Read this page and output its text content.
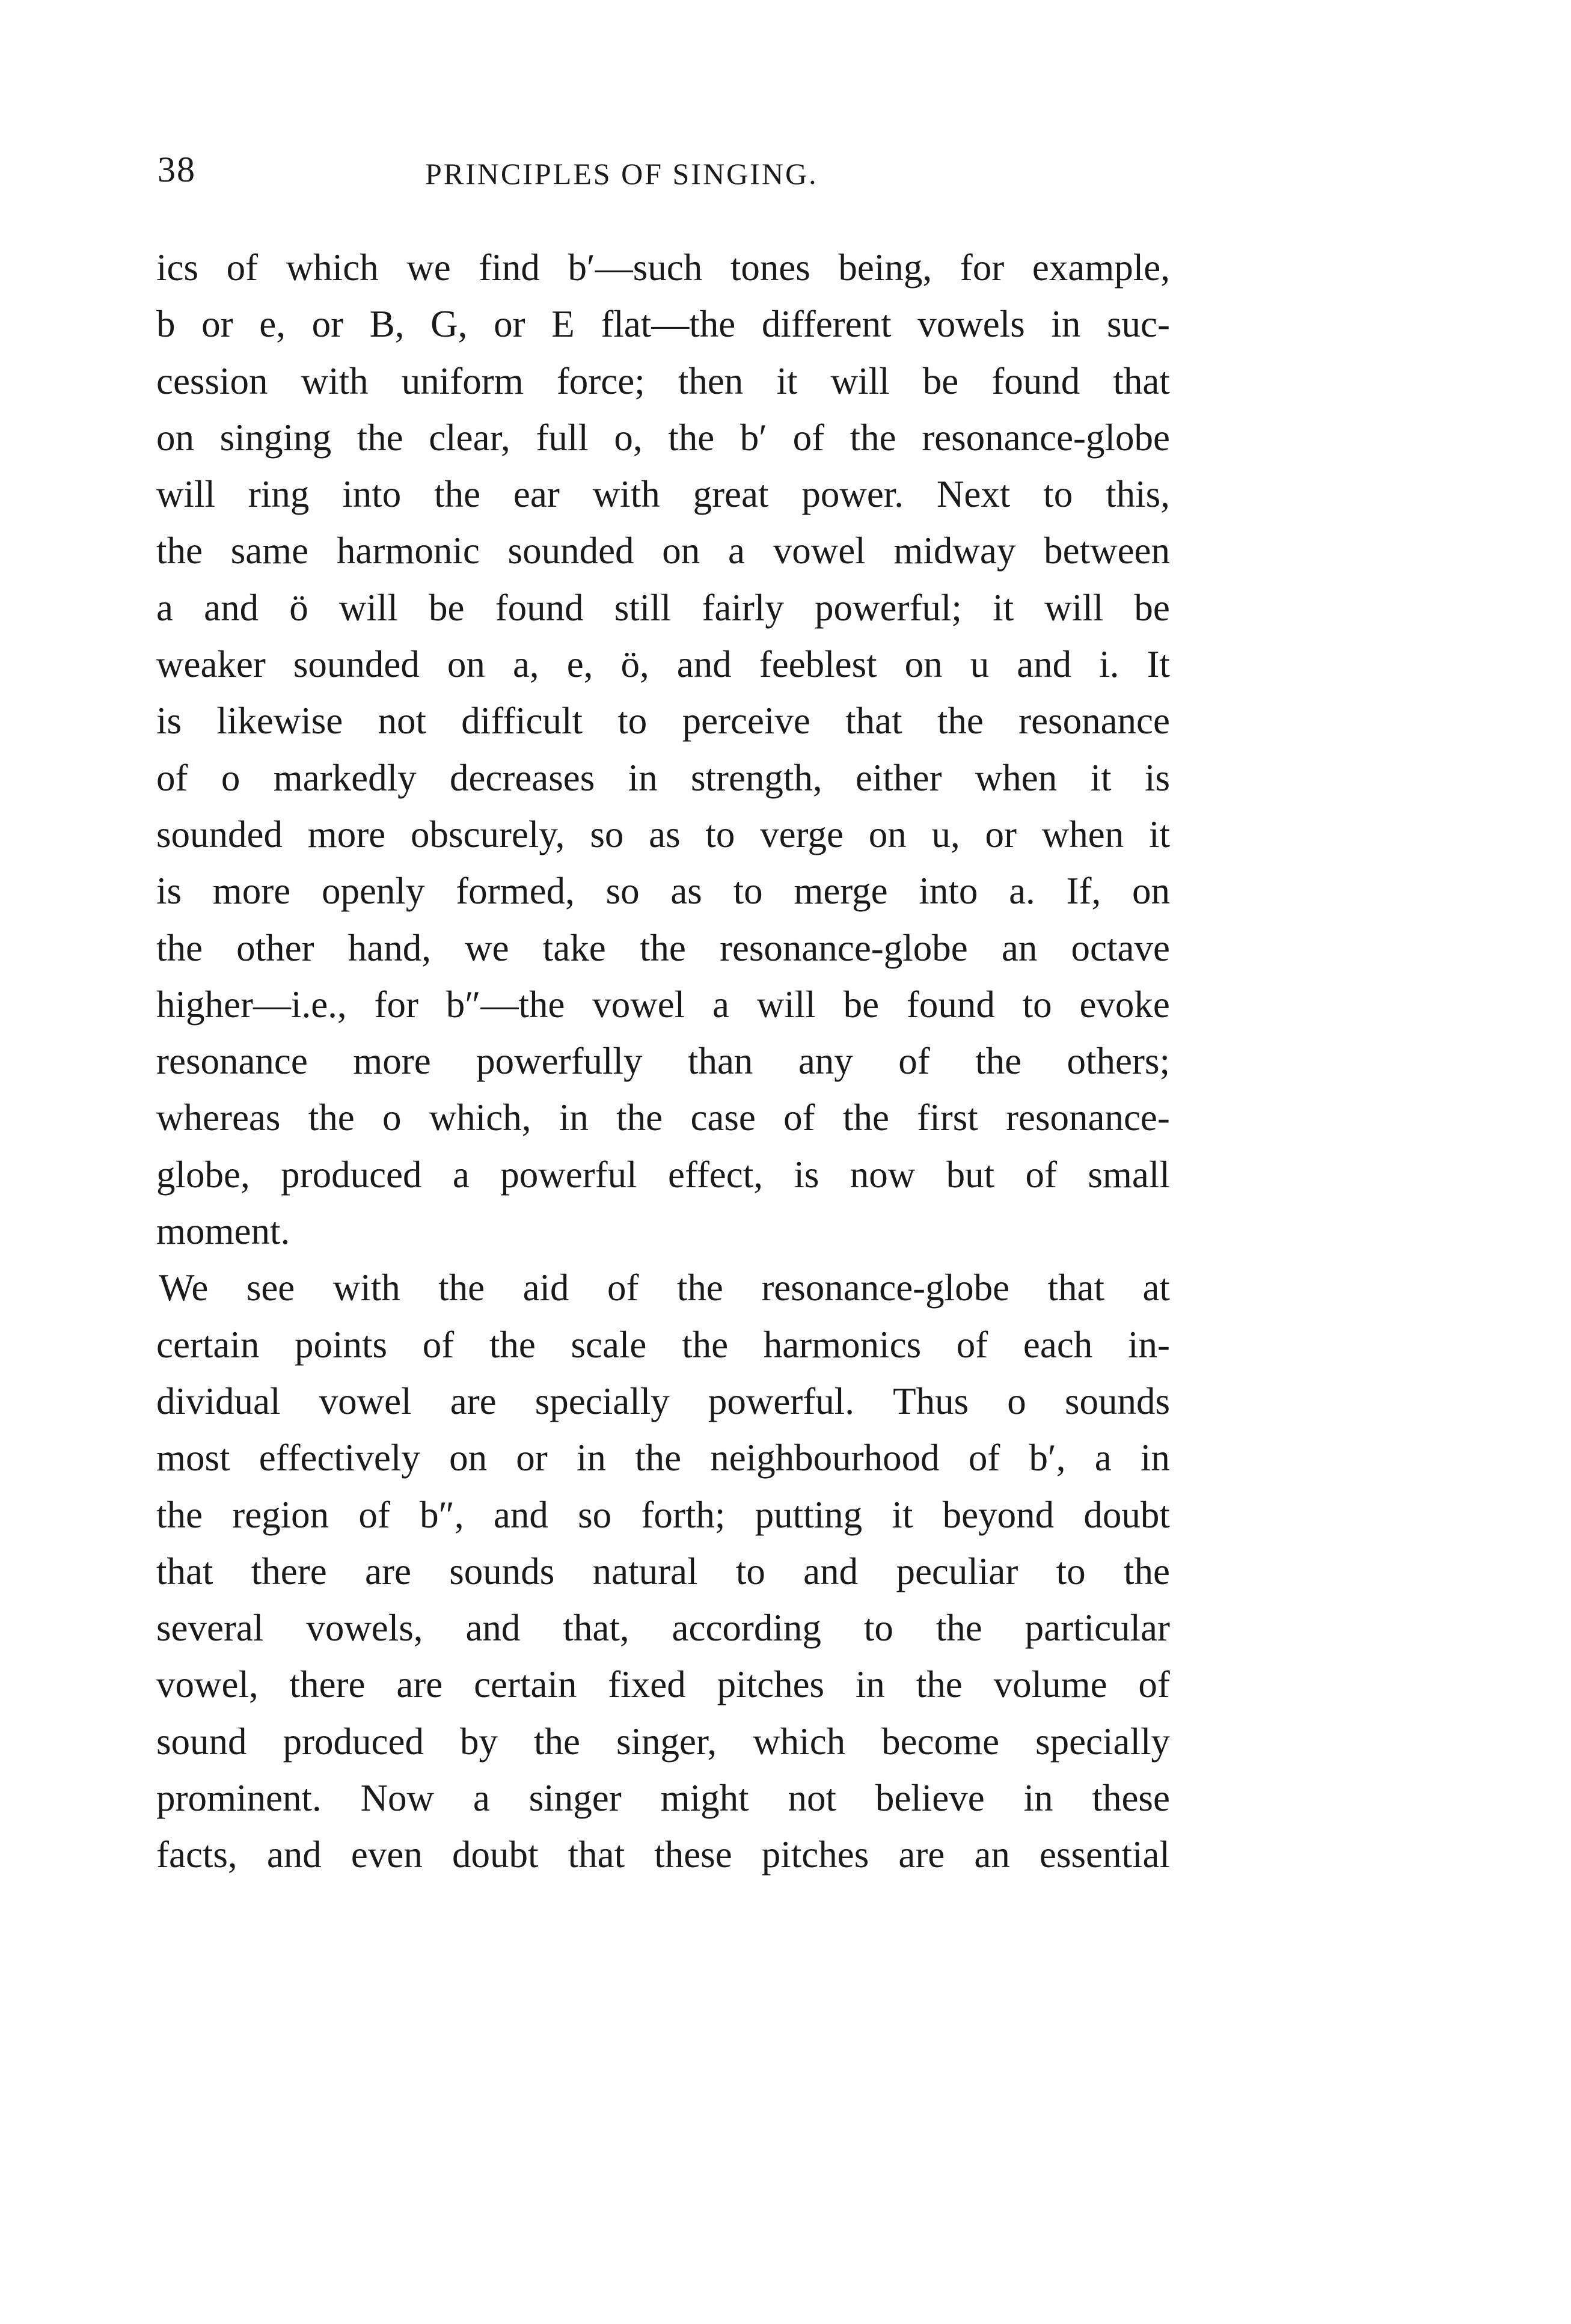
38	PRINCIPLES OF SINGING.
ics of which we find b′—such tones being, for example,
b or e, or B, G, or E flat—the different vowels in suc-
cession with uniform force; then it will be found that
on singing the clear, full o, the b′ of the resonance-globe
will ring into the ear with great power. Next to this,
the same harmonic sounded on a vowel midway between
a and ö will be found still fairly powerful; it will be
weaker sounded on a, e, ö, and feeblest on u and i. It
is likewise not difficult to perceive that the resonance
of o markedly decreases in strength, either when it is
sounded more obscurely, so as to verge on u, or when it
is more openly formed, so as to merge into a. If, on
the other hand, we take the resonance-globe an octave
higher—i.e., for b″—the vowel a will be found to evoke
resonance more powerfully than any of the others;
whereas the o which, in the case of the first resonance-
globe, produced a powerful effect, is now but of small
moment.
We see with the aid of the resonance-globe that at
certain points of the scale the harmonics of each in-
dividual vowel are specially powerful. Thus o sounds
most effectively on or in the neighbourhood of b′, a in
the region of b″, and so forth; putting it beyond doubt
that there are sounds natural to and peculiar to the
several vowels, and that, according to the particular
vowel, there are certain fixed pitches in the volume of
sound produced by the singer, which become specially
prominent. Now a singer might not believe in these
facts, and even doubt that these pitches are an essential
